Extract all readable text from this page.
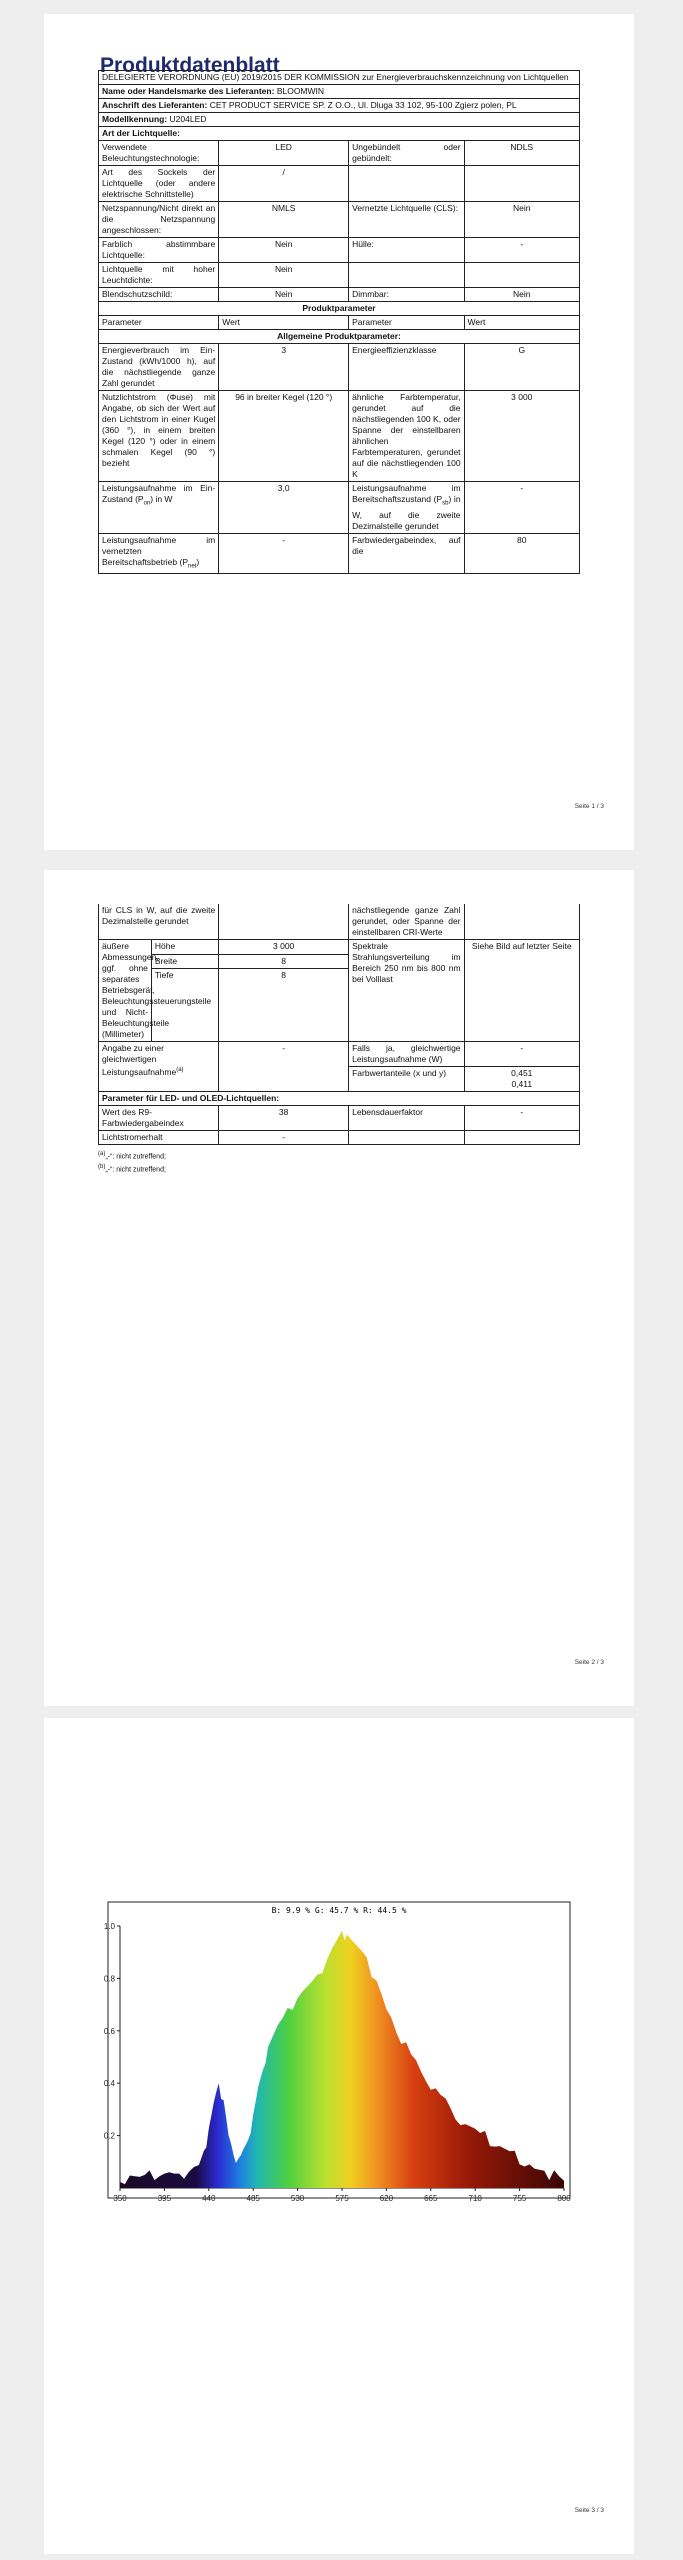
Produktdatenblatt

DELEGIERTE VERORDNUNG (EU) 2019/2015 DER KOMMISSION zur Energieverbrauchskennzeichnung von Lichtquellen			
Name oder Handelsmarke des Lieferanten: BLOOMWIN			
Anschrift des Lieferanten: CET PRODUCT SERVICE SP. Z O.O., Ul. Dluga 33 102, 95-100 Zgierz polen, PL			
Modellkennung: U204LED			
Art der Lichtquelle:			
Verwendete Beleuchtungstechnologie:	LED	Ungebündelt oder gebündelt:	NDLS
Art des Sockels der Lichtquelle (oder andere elektrische Schnittstelle)	/		
Netzspannung/Nicht direkt an die Netzspannung angeschlossen:	NMLS	Vernetzte Lichtquelle (CLS):	Nein
Farblich abstimmbare Lichtquelle:	Nein	Hülle:	-
Lichtquelle mit hoher Leuchtdichte:	Nein		
Blendschutzschild:	Nein	Dimmbar:	Nein
Produktparameter			
Parameter	Wert	Parameter	Wert
Allgemeine Produktparameter:			
Energieverbrauch im Ein-Zustand (kWh/1000 h), auf die nächstliegende ganze Zahl gerundet	3	Energieeffizienzklasse	G
Nutzlichtstrom (Φuse) mit Angabe, ob sich der Wert auf den Lichtstrom in einer Kugel (360 °), in einem breiten Kegel (120 °) oder in einem schmalen Kegel (90 °) bezieht	96 in breiter Kegel (120 °)	ähnliche Farbtemperatur, gerundet auf die nächstliegenden 100 K, oder Spanne der einstellbaren ähnlichen Farbtemperaturen, gerundet auf die nächstliegenden 100 K	3 000
Leistungsaufnahme im Ein-Zustand $(P_{on})$ in W	3,0	Leistungsaufnahme im Bereitschaftszustand $(P_{sb})$ in W, auf die zweite Dezimalstelle gerundet	-
Leistungsaufnahme im vernetzten Bereitschaftsbetrieb $(P_{net})$	-	Farbwiedergabeindex, auf die	80
Seite 1 / 3
für CLS in W, auf die zweite Dezimalstelle gerundet			nächstliegende ganze Zahl gerundet, oder Spanne der einstellbaren CRI-Werte	
äußere Abmessungen, ggf. ohne separates Betriebsgerät, Beleuchtungssteuerungsteile und Nicht-Beleuchtungsteile (Millimeter)	Höhe	3 000	Spektrale Strahlungsverteilung im Bereich 250 nm bis 800 nm bei Volllast	Siehe Bild auf letzter Seite
	Breite	8		
	Tiefe	8		
Angabe zu einer gleichwertigen Leistungsaufnahme$^{(a)}$		-	Falls ja, gleichwertige Leistungsaufnahme (W)	-
			Farbwertanteile (x und y)	0,451
0,411

Parameter für LED- und OLED-Lichtquellen:				
Wert des R9-Farbwiedergabeindex		38	Lebensdauerfaktor	-
Lichtstromerhalt		-		
$^{(a)}$„-“: nicht zutreffend;
$^{(b)}$„-“: nicht zutreffend;
Seite 2 / 3
B: 9.9 % G: 45.7 % R: 44.5 %
0.2
0.4
0.6
0.8
1.0
350	395	440	485	530	575	620	665	710	755	800
Seite 3 / 3
